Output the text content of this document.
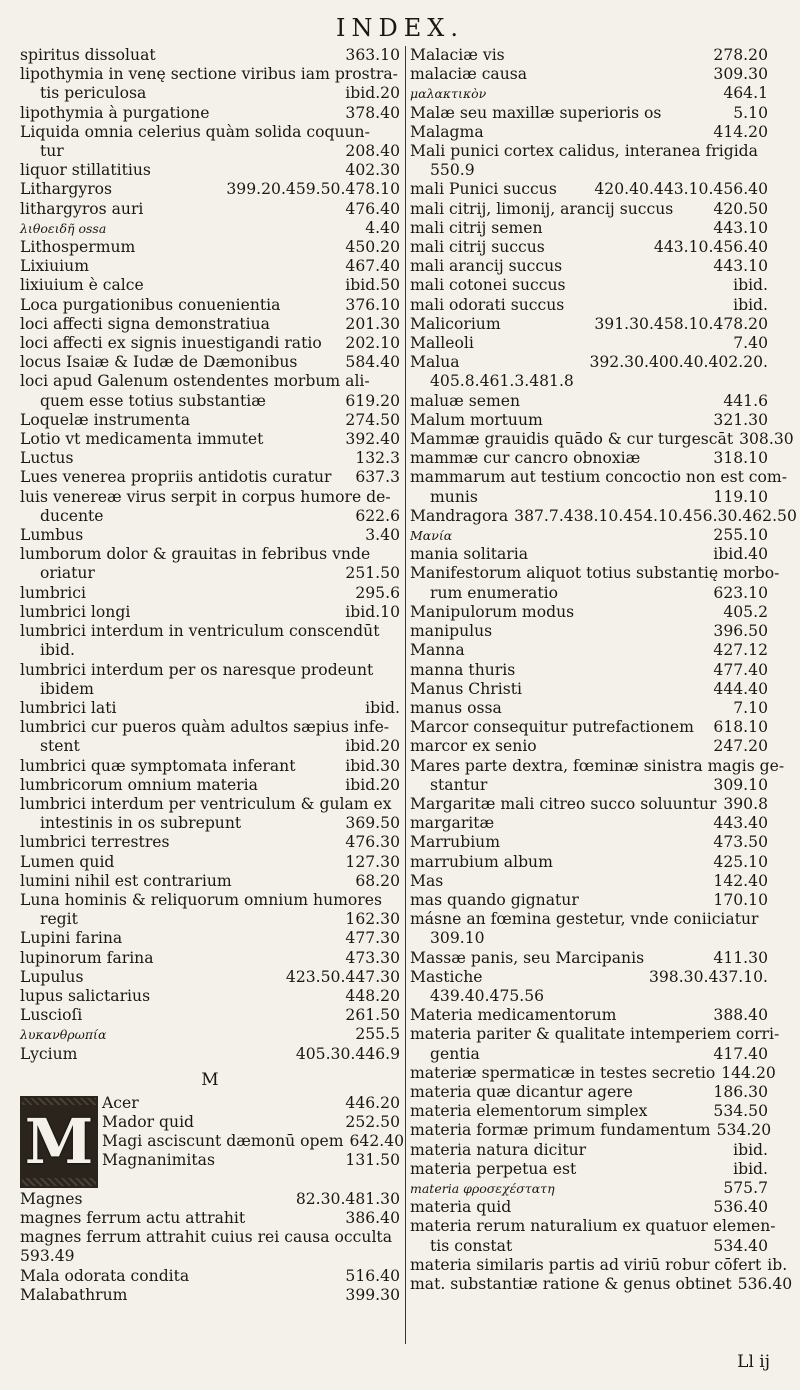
INDEX.
spiritus dissoluat	363.10
lipothymia in venę sectione viribus iam prostra-
tis periculosa	ibid.20
lipothymia à purgatione	378.40
Liquida omnia celerius quàm solida coquun-
tur	208.40
liquor stillatitius	402.30
Lithargyros	399.20.459.50.478.10
lithargyros auri	476.40
λιθοειδῆ ossa	4.40
Lithospermum	450.20
Lixiuium	467.40
lixiuium è calce	ibid.50
Loca purgationibus conuenientia	376.10
loci affecti signa demonstratiua	201.30
loci affecti ex signis inuestigandi ratio	202.10
locus Isaiæ & Iudæ de Dæmonibus	584.40
loci apud Galenum ostendentes morbum ali-
quem esse totius substantiæ	619.20
Loquelæ instrumenta	274.50
Lotio vt medicamenta immutet	392.40
Luctus	132.3
Lues venerea propriis antidotis curatur	637.3
luis venereæ virus serpit in corpus humore de-
ducente	622.6
Lumbus	3.40
lumborum dolor & grauitas in febribus vnde
oriatur	251.50
lumbrici	295.6
lumbrici longi	ibid.10
lumbrici interdum in ventriculum conscendūt
ibid.
lumbrici interdum per os naresque prodeunt
ibidem
lumbrici lati	ibid.
lumbrici cur pueros quàm adultos sæpius infe-
stent	ibid.20
lumbrici quæ symptomata inferant	ibid.30
lumbricorum omnium materia	ibid.20
lumbrici interdum per ventriculum & gulam ex
intestinis in os subrepunt	369.50
lumbrici terrestres	476.30
Lumen quid	127.30
lumini nihil est contrarium	68.20
Luna hominis & reliquorum omnium humores
regit	162.30
Lupini farina	477.30
lupinorum farina	473.30
Lupulus	423.50.447.30
lupus salictarius	448.20
Luscioſi	261.50
λυκανθρωπία	255.5
Lycium	405.30.446.9
M
M
Acer	446.20
Mador quid	252.50
Magi asciscunt dæmonū opem 642.40
Magnanimitas	131.50
Magnes	82.30.481.30
magnes ferrum actu attrahit	386.40
magnes ferrum attrahit cuius rei causa occulta
593.49
Mala odorata condita	516.40
Malabathrum	399.30
Malaciæ vis	278.20
malaciæ causa	309.30
μαλακτικὸν	464.1
Malæ seu maxillæ superioris os	5.10
Malagma	414.20
Mali punici cortex calidus, interanea frigida
550.9
mali Punici succus	420.40.443.10.456.40
mali citrij, limonij, arancij succus	420.50
mali citrij semen	443.10
mali citrij succus	443.10.456.40
mali arancij succus	443.10
mali cotonei succus	ibid.
mali odorati succus	ibid.
Malicorium	391.30.458.10.478.20
Malleoli	7.40
Malua	392.30.400.40.402.20.
405.8.461.3.481.8
maluæ semen	441.6
Malum mortuum	321.30
Mammæ grauidis quādo & cur turgescāt 308.30
mammæ cur cancro obnoxiæ	318.10
mammarum aut testium concoctio non est com-
munis	119.10
Mandragora 387.7.438.10.454.10.456.30.462.50
Μανία	255.10
mania solitaria	ibid.40
Manifestorum aliquot totius substantię morbo-
rum enumeratio	623.10
Manipulorum modus	405.2
manipulus	396.50
Manna	427.12
manna thuris	477.40
Manus Christi	444.40
manus ossa	7.10
Marcor consequitur putrefactionem	618.10
marcor ex senio	247.20
Mares parte dextra, fœminæ sinistra magis ge-
stantur	309.10
Margaritæ mali citreo succo soluuntur 390.8
margaritæ	443.40
Marrubium	473.50
marrubium album	425.10
Mas	142.40
mas quando gignatur	170.10
másne an fœmina gestetur, vnde coniiciatur
309.10
Massæ panis, seu Marcipanis	411.30
Mastiche	398.30.437.10.
439.40.475.56
Materia medicamentorum	388.40
materia pariter & qualitate intemperiem corri-
gentia	417.40
materiæ spermaticæ in testes secretio 144.20
materia quæ dicantur agere	186.30
materia elementorum simplex	534.50
materia formæ primum fundamentum 534.20
materia natura dicitur	ibid.
materia perpetua est	ibid.
materia φροσεχέστατη	575.7
materia quid	536.40
materia rerum naturalium ex quatuor elemen-
tis constat	534.40
materia similaris partis ad viriū robur cōfert ib.
mat. substantiæ ratione & genus obtinet 536.40
Ll ij
